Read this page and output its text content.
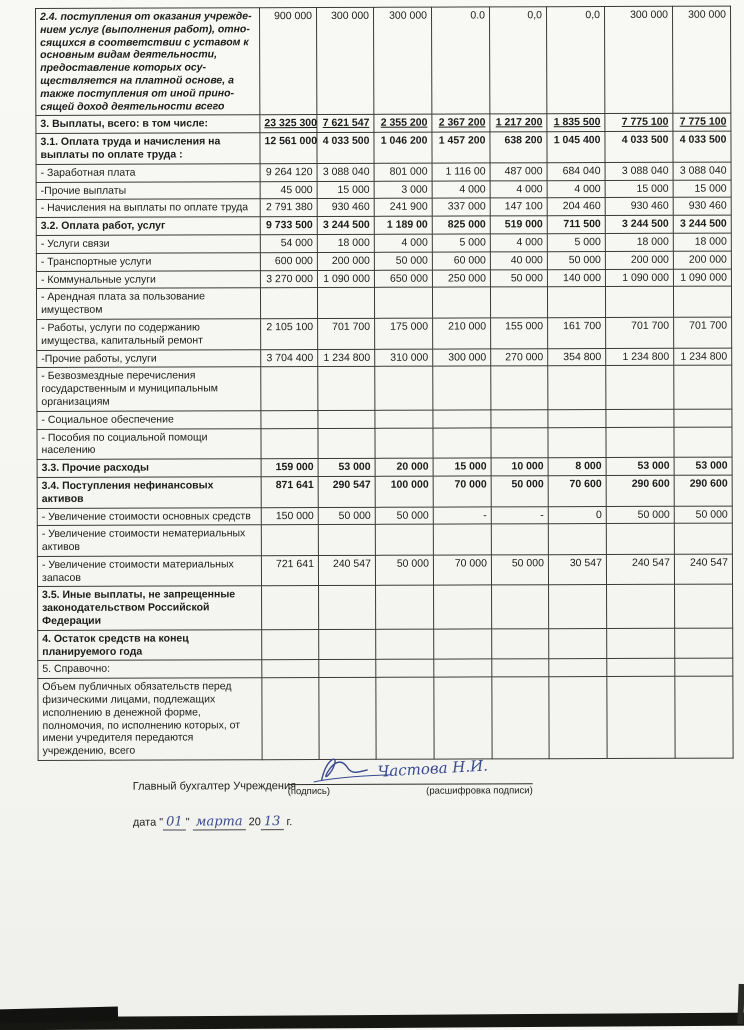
2.4. поступления от оказания учрежде-нием услуг (выполнения работ), отно-сящихся в соответствии с уставом к основным видам деятельности, предоставление которых осу-ществляется на платной основе, а также поступления от иной прино-сящей доход деятельности всего	900 000	300 000	300 000	0.0	0,0	0,0	300 000	300 000
3. Выплаты, всего: в том числе:	23 325 300	7 621 547	2 355 200	2 367 200	1 217 200	1 835 500	7 775 100	7 775 100
3.1. Оплата труда и начисления на выплаты по оплате труда :	12 561 000	4 033 500	1 046 200	1 457 200	638 200	1 045 400	4 033 500	4 033 500
- Заработная плата	9 264 120	3 088 040	801 000	1 116 00	487 000	684 040	3 088 040	3 088 040
-Прочие выплаты	45 000	15 000	3 000	4 000	4 000	4 000	15 000	15 000
- Начисления на выплаты по оплате труда	2 791 380	930 460	241 900	337 000	147 100	204 460	930 460	930 460
3.2. Оплата работ, услуг	9 733 500	3 244 500	1 189 00	825 000	519 000	711 500	3 244 500	3 244 500
- Услуги связи	54 000	18 000	4 000	5 000	4 000	5 000	18 000	18 000
- Транспортные услуги	600 000	200 000	50 000	60 000	40 000	50 000	200 000	200 000
- Коммунальные услуги	3 270 000	1 090 000	650 000	250 000	50 000	140 000	1 090 000	1 090 000
- Арендная плата за пользование имуществом								
- Работы, услуги по содержанию имущества, капитальный ремонт	2 105 100	701 700	175 000	210 000	155 000	161 700	701 700	701 700
-Прочие работы, услуги	3 704 400	1 234 800	310 000	300 000	270 000	354 800	1 234 800	1 234 800
- Безвозмездные перечисления государственным и муниципальным организациям								
- Социальное обеспечение								
- Пособия по социальной помощи населению								
3.3. Прочие расходы	159 000	53 000	20 000	15 000	10 000	8 000	53 000	53 000
3.4. Поступления нефинансовых активов	871 641	290 547	100 000	70 000	50 000	70 600	290 600	290 600
- Увеличение стоимости основных средств	150 000	50 000	50 000	-	-	0	50 000	50 000
- Увеличение стоимости нематериальных активов								
- Увеличение стоимости материальных запасов	721 641	240 547	50 000	70 000	50 000	30 547	240 547	240 547
3.5. Иные выплаты, не запрещенные законодательством Российской Федерации								
4. Остаток средств на конец планируемого года								
5. Справочно:								
Объем публичных обязательств перед физическими лицами, подлежащих исполнению в денежной форме, полномочия, по исполнению которых, от имени учредителя передаются учреждению, всего								
Главный бухгалтер Учреждения
Частова Н.И.
(подпись)	(расшифровка подписи)
дата " 01 " марта 20 13 г.
